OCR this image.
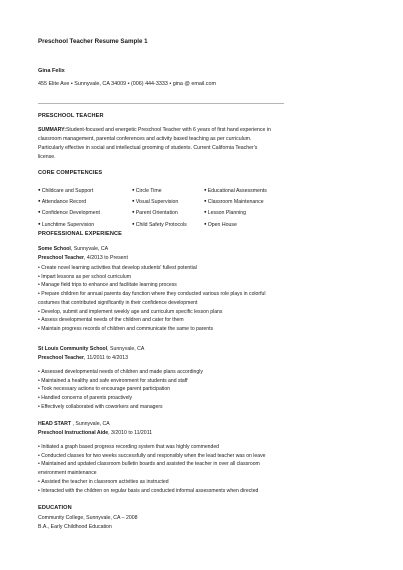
Preschool Teacher Resume Sample 1
Gina Felix
455 Elite Ave • Sunnyvale, CA 34009 • (006) 444-3333 • gina @ email.com
PRESCHOOL TEACHER
SUMMARY:Student-focused and energetic Preschool Teacher with 6 years of first hand experience in
classroom management, parental conferences and activity based teaching as per curriculum.
Particularly effective in social and intellectual grooming of students. Current California Teacher's
license.
CORE COMPETENCIES
● Childcare and Support	● Circle Time	● Educational Assessments
● Attendance Record	● Visual Supervision	● Classroom Maintenance
● Confidence Development	● Parent Orientation	● Lesson Planning
● Lunchtime Supervision	● Child Safety Protocols	● Open House
PROFESSIONAL EXPERIENCE
Some School, Sunnyvale, CA
Preschool Teacher, 4/2013 to Present
• Create novel learning activities that develop students' fullest potential
• Impart lessons as per school curriculum
• Manage field trips to enhance and facilitate learning process
• Prepare children for annual parents day function where they conducted various role plays in colorful
costumes that contributed significantly in their confidence development
• Develop, submit and implement weekly age and curriculum specific lesson plans
• Assess developmental needs of the children and cater for them
• Maintain progress records of children and communicate the same to parents
St Louis Community School, Sunnyvale, CA
Preschool Teacher, 11/2011 to 4/2013
• Assessed developmental needs of children and made plans accordingly
• Maintained a healthy and safe environment for students and staff
• Took necessary actions to encourage parent participation
• Handled concerns of parents proactively
• Effectively collaborated with coworkers and managers
HEAD START , Sunnyvale, CA
Preschool Instructional Aide, 3/2010 to 11/2011
• Initiated a graph based progress recording system that was highly commended
• Conducted classes for two weeks successfully and responsibly when the lead teacher was on leave
• Maintained and updated classroom bulletin boards and assisted the teacher in over all classroom
environment maintenance
• Assisted the teacher in classroom activities as instructed
• Interacted with the children on regular basis and conducted informal assessments when directed
EDUCATION
Community College, Sunnyvale, CA – 2008
B.A., Early Childhood Education
